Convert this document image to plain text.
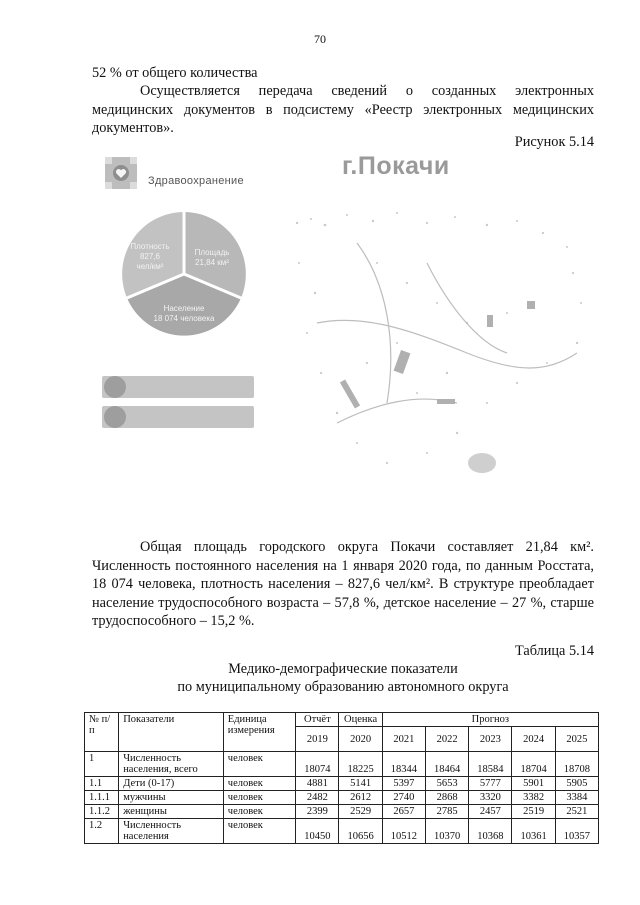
70
52 % от общего количества
Осуществляется передача сведений о созданных электронных медицинских документов в подсистему «Реестр электронных медицинских документов».
Рисунок 5.14
Здравоохранение
г.Покачи
Плотность
827,6
чел/км²
Площадь
21,84 км²
Население
18 074 человека
Общая площадь городского округа Покачи составляет 21,84 км². Численность постоянного населения на 1 января 2020 года, по данным Росстата, 18 074 человека, плотность населения – 827,6 чел/км². В структуре преобладает население трудоспособного возраста – 57,8 %, детское население – 27 %, старше трудоспособного – 15,2 %.
Таблица 5.14
Медико-демографические показатели
по муниципальному образованию автономного округа
№ п/п	Показатели	Единица измерения	Отчёт	Оценка	Прогноз				
			2019	2020	2021	2022	2023	2024	2025
1	Численность населения, всего	человек	18074	18225	18344	18464	18584	18704	18708
1.1	Дети (0-17)	человек	4881	5141	5397	5653	5777	5901	5905
1.1.1	мужчины	человек	2482	2612	2740	2868	3320	3382	3384
1.1.2	женщины	человек	2399	2529	2657	2785	2457	2519	2521
1.2	Численность населения	человек	10450	10656	10512	10370	10368	10361	10357
